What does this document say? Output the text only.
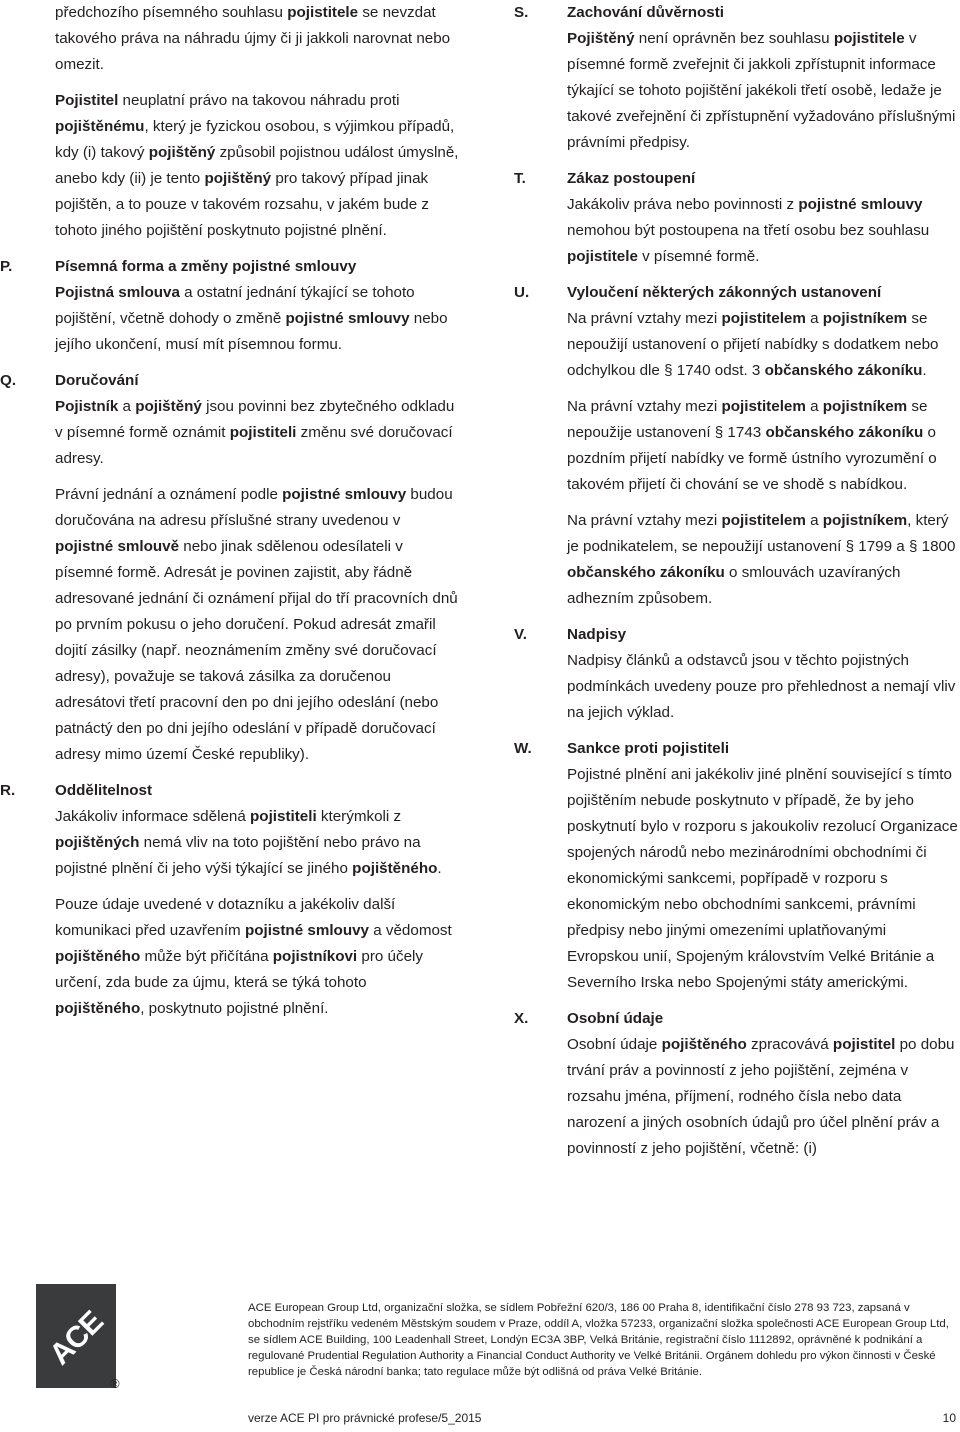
předchozího písemného souhlasu pojistitele se nevzdat takového práva na náhradu újmy či ji jakkoli narovnat nebo omezit.

Pojistitel neuplatní právo na takovou náhradu proti pojištěnému, který je fyzickou osobou, s výjimkou případů, kdy (i) takový pojištěný způsobil pojistnou událost úmyslně, anebo kdy (ii) je tento pojištěný pro takový případ jinak pojištěn, a to pouze v takovém rozsahu, v jakém bude z tohoto jiného pojištění poskytnuto pojistné plnění.

P.	Písemná forma a změny pojistné smlouvy

Pojistná smlouva a ostatní jednání týkající se tohoto pojištění, včetně dohody o změně pojistné smlouvy nebo jejího ukončení, musí mít písemnou formu.

Q.	Doručování

Pojistník a pojištěný jsou povinni bez zbytečného odkladu v písemné formě oznámit pojistiteli změnu své doručovací adresy.

Právní jednání a oznámení podle pojistné smlouvy budou doručována na adresu příslušné strany uvedenou v pojistné smlouvě nebo jinak sdělenou odesílateli v písemné formě. Adresát je povinen zajistit, aby řádně adresované jednání či oznámení přijal do tří pracovních dnů po prvním pokusu o jeho doručení. Pokud adresát zmařil dojití zásilky (např. neoznámením změny své doručovací adresy), považuje se taková zásilka za doručenou adresátovi třetí pracovní den po dni jejího odeslání (nebo patnáctý den po dni jejího odeslání v případě doručovací adresy mimo území České republiky).

R.	Oddělitelnost

Jakákoliv informace sdělená pojistiteli kterýmkoli z pojištěných nemá vliv na toto pojištění nebo právo na pojistné plnění či jeho výši týkající se jiného pojištěného.

Pouze údaje uvedené v dotazníku a jakékoliv další komunikaci před uzavřením pojistné smlouvy a vědomost pojištěného může být přičítána pojistníkovi pro účely určení, zda bude za újmu, která se týká tohoto pojištěného, poskytnuto pojistné plnění.

S.	Zachování důvěrnosti

Pojištěný není oprávněn bez souhlasu pojistitele v písemné formě zveřejnit či jakkoli zpřístupnit informace týkající se tohoto pojištění jakékoli třetí osobě, ledaže je takové zveřejnění či zpřístupnění vyžadováno příslušnými právními předpisy.

T.	Zákaz postoupení

Jakákoliv práva nebo povinnosti z pojistné smlouvy nemohou být postoupena na třetí osobu bez souhlasu pojistitele v písemné formě.

U. Vyloučení některých zákonných ustanovení

Na právní vztahy mezi pojistitelem a pojistníkem se nepoužijí ustanovení o přijetí nabídky s dodatkem nebo odchylkou dle § 1740 odst. 3 občanského zákoníku.

Na právní vztahy mezi pojistitelem a pojistníkem se nepoužije ustanovení § 1743 občanského zákoníku o pozdním přijetí nabídky ve formě ústního vyrozumění o takovém přijetí či chování se ve shodě s nabídkou.

Na právní vztahy mezi pojistitelem a pojistníkem, který je podnikatelem, se nepoužijí ustanovení § 1799 a § 1800 občanského zákoníku o smlouvách uzavíraných adhezním způsobem.

V.	Nadpisy

Nadpisy článků a odstavců jsou v těchto pojistných podmínkách uvedeny pouze pro přehlednost a nemají vliv na jejich výklad.

W. Sankce proti pojistiteli

Pojistné plnění ani jakékoliv jiné plnění související s tímto pojištěním nebude poskytnuto v případě, že by jeho poskytnutí bylo v rozporu s jakoukoliv rezolucí Organizace spojených národů nebo mezinárodními obchodními či ekonomickými sankcemi, popřípadě v rozporu s ekonomickým nebo obchodními sankcemi, právními předpisy nebo jinými omezeními uplatňovanými Evropskou unií, Spojeným královstvím Velké Británie a Severního Irska nebo Spojenými státy americkými.

X.	Osobní údaje

Osobní údaje pojištěného zpracovává pojistitel po dobu trvání práv a povinností z jeho pojištění, zejména v rozsahu jména, příjmení, rodného čísla nebo data narození a jiných osobních údajů pro účel plnění práv a povinností z jeho pojištění, včetně: (i)

ACE
®

ACE European Group Ltd, organizační složka, se sídlem Pobřežní 620/3, 186 00 Praha 8, identifikační číslo 278 93 723, zapsaná v obchodním rejstříku vedeném Městským soudem v Praze, oddíl A, vložka 57233, organizační složka společnosti ACE European Group Ltd, se sídlem ACE Building, 100 Leadenhall Street, Londýn EC3A 3BP, Velká Británie, registrační číslo 1112892, oprávněné k podnikání a regulované Prudential Regulation Authority a Financial Conduct Authority ve Velké Británii. Orgánem dohledu pro výkon činnosti v České republice je Česká národní banka; tato regulace může být odlišná od práva Velké Británie.

verze ACE PI pro právnické profese/5_2015	10
